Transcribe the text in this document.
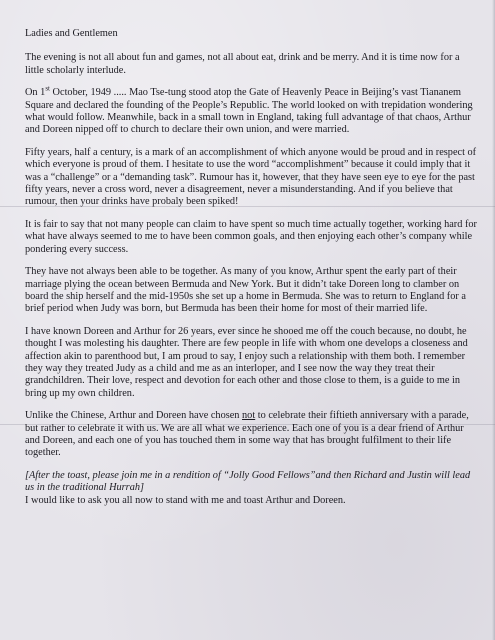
Ladies and Gentlemen

The evening is not all about fun and games, not all about eat, drink and be merry. And it is time now for a little scholarly interlude.

On 1st October, 1949 ..... Mao Tse-tung stood atop the Gate of Heavenly Peace in Beijing’s vast Tiananem Square and declared the founding of the People’s Republic. The world looked on with trepidation wondering what would follow. Meanwhile, back in a small town in England, taking full advantage of that chaos, Arthur and Doreen nipped off to church to declare their own union, and were married.

Fifty years, half a century, is a mark of an accomplishment of which anyone would be proud and in respect of which everyone is proud of them. I hesitate to use the word “accomplishment” because it could imply that it was a “challenge” or a “demanding task”. Rumour has it, however, that they have seen eye to eye for the past fifty years, never a cross word, never a disagreement, never a misunderstanding. And if you believe that rumour, then your drinks have probaly been spiked!

It is fair to say that not many people can claim to have spent so much time actually together, working hard for what have always seemed to me to have been common goals, and then enjoying each other’s company while pondering every success.

They have not always been able to be together. As many of you know, Arthur spent the early part of their marriage plying the ocean between Bermuda and New York. But it didn’t take Doreen long to clamber on board the ship herself and the mid-1950s she set up a home in Bermuda. She was to return to England for a brief period when Judy was born, but Bermuda has been their home for most of their married life.

I have known Doreen and Arthur for 26 years, ever since he shooed me off the couch because, no doubt, he thought I was molesting his daughter. There are few people in life with whom one develops a closeness and affection akin to parenthood but, I am proud to say, I enjoy such a relationship with them both. I remember they way they treated Judy as a child and me as an interloper, and I see now the way they treat their grandchildren. Their love, respect and devotion for each other and those close to them, is a guide to me in bring up my own children.

Unlike the Chinese, Arthur and Doreen have chosen not to celebrate their fiftieth anniversary with a parade, but rather to celebrate it with us. We are all what we experience. Each one of you is a dear friend of Arthur and Doreen, and each one of you has touched them in some way that has brought fulfilment to their life together.

[After the toast, please join me in a rendition of “Jolly Good Fellows”and then Richard and Justin will lead us in the traditional Hurrah]

I would like to ask you all now to stand with me and toast Arthur and Doreen.
